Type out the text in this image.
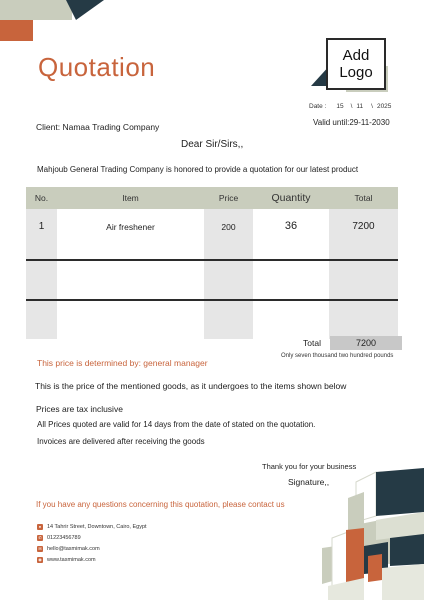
Quotation	Add
Logo
Date : 15 \ 11 \ 2025
Valid until:29-11-2030
Client: Namaa Trading Company
Dear Sir/Sirs,,
Mahjoub General Trading Company is honored to provide a quotation for our latest product
No.	Item	Price	Quantity	Total
1	Air freshener	200	36	7200

Total	7200
Only seven thousand two hundred pounds
This price is determined by: general manager
This is the price of the mentioned goods, as it undergoes to the items shown below
Prices are tax inclusive
All Prices quoted are valid for 14 days from the date of stated on the quotation.
Invoices are delivered after receiving the goods
Thank you for your business
Signature,,
If you have any questions concerning this quotation, please contact us
●	14 Tahrir Street, Downtown, Cairo, Egypt
✆ 01223456789
✉ hello@tasmimak.com
◉ www.tasmimak.com
